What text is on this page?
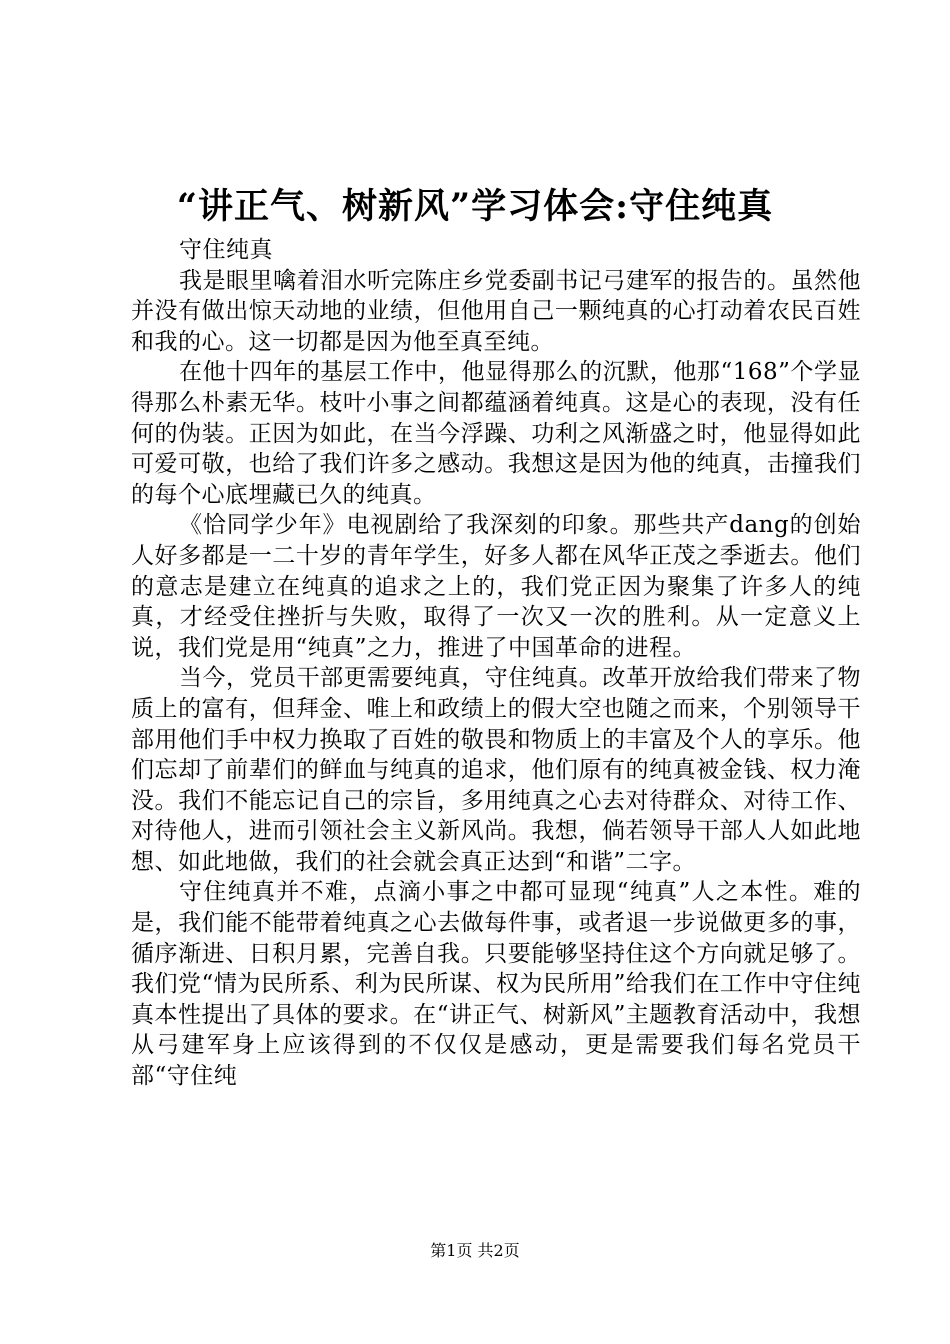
“讲正气、树新风”学习体会:守住纯真

守住纯真

我是眼里噙着泪水听完陈庄乡党委副书记弓建军的报告的。虽然他并没有做出惊天动地的业绩，但他用自己一颗纯真的心打动着农民百姓和我的心。这一切都是因为他至真至纯。

在他十四年的基层工作中，他显得那么的沉默，他那“168”个学显得那么朴素无华。枝叶小事之间都蕴涵着纯真。这是心的表现，没有任何的伪装。正因为如此，在当今浮躁、功利之风渐盛之时，他显得如此可爱可敬，也给了我们许多之感动。我想这是因为他的纯真，击撞我们的每个心底埋藏已久的纯真。

《恰同学少年》电视剧给了我深刻的印象。那些共产dang的创始人好多都是一二十岁的青年学生，好多人都在风华正茂之季逝去。他们的意志是建立在纯真的追求之上的，我们党正因为聚集了许多人的纯真，才经受住挫折与失败，取得了一次又一次的胜利。从一定意义上说，我们党是用“纯真”之力，推进了中国革命的进程。

当今，党员干部更需要纯真，守住纯真。改革开放给我们带来了物质上的富有，但拜金、唯上和政绩上的假大空也随之而来，个别领导干部用他们手中权力换取了百姓的敬畏和物质上的丰富及个人的享乐。他们忘却了前辈们的鲜血与纯真的追求，他们原有的纯真被金钱、权力淹没。我们不能忘记自己的宗旨，多用纯真之心去对待群众、对待工作、对待他人，进而引领社会主义新风尚。我想，倘若领导干部人人如此地想、如此地做，我们的社会就会真正达到“和谐”二字。

守住纯真并不难，点滴小事之中都可显现“纯真”人之本性。难的是，我们能不能带着纯真之心去做每件事，或者退一步说做更多的事，循序渐进、日积月累，完善自我。只要能够坚持住这个方向就足够了。我们党“情为民所系、利为民所谋、权为民所用”给我们在工作中守住纯真本性提出了具体的要求。在“讲正气、树新风”主题教育活动中，我想从弓建军身上应该得到的不仅仅是感动，更是需要我们每名党员干部“守住纯

第1页 共2页
